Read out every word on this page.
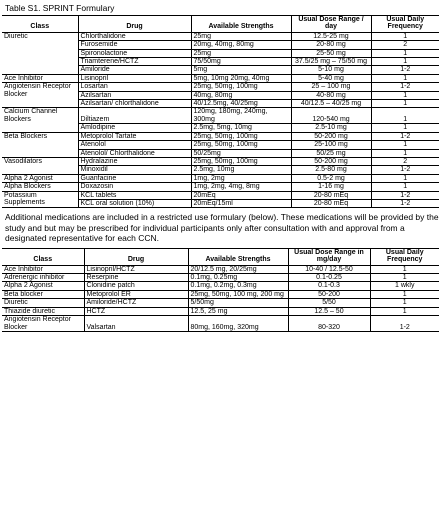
Table S1. SPRINT Formulary
Class	Drug	Available Strengths	Usual Dose Range / day	Usual Daily Frequency
Diuretic	Chlorthalidone	25mg	12.5-25 mg	1
	Furosemide	20mg, 40mg, 80mg	20-80 mg	2
	Spironolactone	25mg	25-50 mg	1
	Triamterene/HCTZ	75/50mg	37.5/25 mg – 75/50 mg	1
	Amiloride	5mg	5-10 mg	1-2
Ace Inhibitor	Lisinopril	5mg, 10mg 20mg, 40mg	5-40 mg	1
Angiotensin Receptor Blocker	Losartan	25mg, 50mg, 100mg	25 – 100 mg	1-2
	Azilsartan	40mg, 80mg	40-80 mg	1
	Azilsartan/ chlorthalidone	40/12.5mg, 40/25mg	40/12.5 – 40/25 mg	1
Calcium Channel Blockers	Diltiazem	120mg, 180mg, 240mg, 300mg	120-540 mg	1
	Amlodipine	2.5mg, 5mg, 10mg	2.5-10 mg	1
Beta Blockers	Metoprolol Tartate	25mg, 50mg, 100mg	50-200 mg	1-2
	Atenolol	25mg, 50mg, 100mg	25-100 mg	1
	Atenolol/ Chlorthalidone	50/25mg	50/25 mg	1
Vasodilators	Hydralazine	25mg, 50mg, 100mg	50-200 mg	2
	Minoxidil	2.5mg, 10mg	2.5-80 mg	1-2
Alpha 2 Agonist	Guanfacine	1mg, 2mg	0.5-2 mg	1
Alpha Blockers	Doxazosin	1mg, 2mg, 4mg, 8mg	1-16 mg	1
Potassium Supplements	KCL tablets	20mEq	20-80 mEq	1-2
	KCL oral solution (10%)	20mEq/15ml	20-80 mEq	1-2
Additional medications are included in a restricted use formulary (below). These medications will be provided by the study and but may be prescribed for individual participants only after consultation with and approval from a designated representative for each CCN.
Class	Drug	Available Strengths	Usual Dose Range in mg/day	Usual Daily Frequency
Ace Inhibitor	Lisinopril/HCTZ	20/12.5 mg, 20/25mg	10-40 / 12.5-50	1
Adrenergic inhibitor	Reserpine	0.1mg, 0.25mg	0.1-0.25	1
Alpha 2 Agonist	Clonidine patch	0.1mg, 0.2mg, 0.3mg	0.1-0.3	1 wkly
Beta blocker	Metoprolol ER	25mg, 50mg, 100 mg, 200 mg	50-200	1
Diuretic	Amiloride/HCTZ	5/50mg	5/50	1
Thiazide diuretic	HCTZ	12.5, 25 mg	12.5 – 50	1
Angiotensin Receptor Blocker	Valsartan	80mg, 160mg, 320mg	80-320	1-2
